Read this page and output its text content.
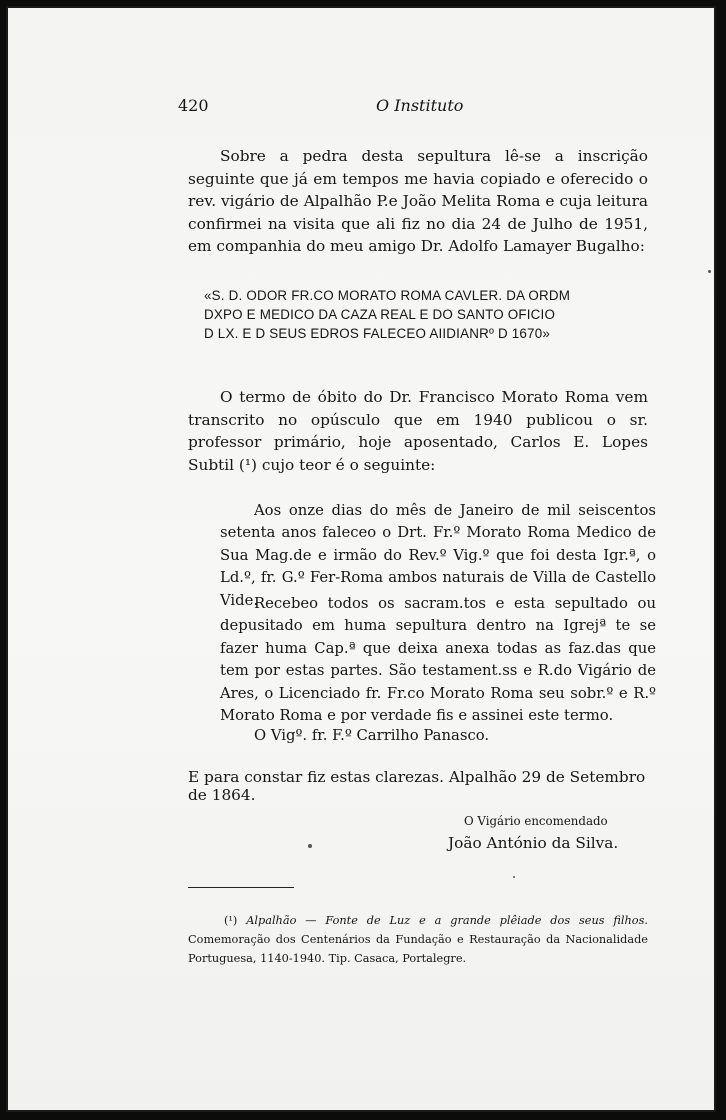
420	O Instituto

Sobre a pedra desta sepultura lê-se a inscrição seguinte que já em tempos me havia copiado e oferecido o rev. vigário de Alpalhão P.e João Melita Roma e cuja leitura confirmei na visita que ali fiz no dia 24 de Julho de 1951, em companhia do meu amigo Dr. Adolfo Lamayer Bugalho:

«S. D. ODOR FR.CO MORATO ROMA CAVLER. DA ORDM
DXPO E MEDICO DA CAZA REAL E DO SANTO OFICIO
D LX. E D SEUS EDROS FALECEO AIIDIANRº D 1670»

O termo de óbito do Dr. Francisco Morato Roma vem transcrito no opúsculo que em 1940 publicou o sr. professor primário, hoje aposentado, Carlos E. Lopes Subtil (¹) cujo teor é o seguinte:

Aos onze dias do mês de Janeiro de mil seiscentos setenta anos faleceo o Drt. Fr.º Morato Roma Medico de Sua Mag.de e irmão do Rev.º Vig.º que foi desta Igr.ª, o Ld.º, fr. G.º Fer-Roma ambos naturais de Villa de Castello Vide.

Recebeo todos os sacram.tos e esta sepultado ou depusitado em huma sepultura dentro na Igrejª te se fazer huma Cap.ª que deixa anexa todas as faz.das que tem por estas partes. São testament.ss e R.do Vigário de Ares, o Licenciado fr. Fr.co Morato Roma seu sobr.º e R.º Morato Roma e por verdade fis e assinei este termo.

O Vigº. fr. F.º Carrilho Panasco.

E para constar fiz estas clarezas. Alpalhão 29 de Setembro de 1864.

O Vigário encomendado
João António da Silva.

(¹) Alpalhão — Fonte de Luz e a grande plêiade dos seus filhos. Comemoração dos Centenários da Fundação e Restauração da Nacionalidade Portuguesa, 1140-1940. Tip. Casaca, Portalegre.
